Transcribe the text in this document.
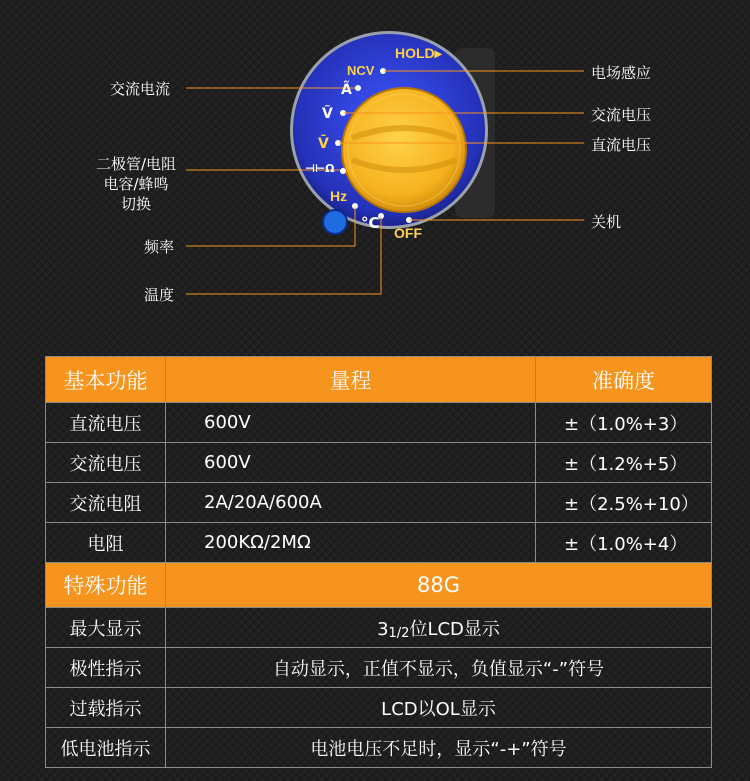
HOLD▸
NCV
Ã
Ṽ
V̄
⊣⊢Ω
Hz
°C
OFF
交流电流
二极管/电阻
电容/蜂鸣
切换
频率
温度
电场感应
交流电压
直流电压
关机
基本功能	量程	准确度
直流电压	600V	±（1.0%+3）
交流电压	600V	±（1.2%+5）
交流电阻	2A/20A/600A	±（2.5%+10）
电阻	200KΩ/2MΩ	±（1.0%+4）
特殊功能	88G	
最大显示	$3_{1/2}$位LCD显示	
极性指示	自动显示，正值不显示，负值显示“-”符号	
过载指示	LCD以OL显示	
低电池指示	电池电压不足时，显示“-+”符号	
